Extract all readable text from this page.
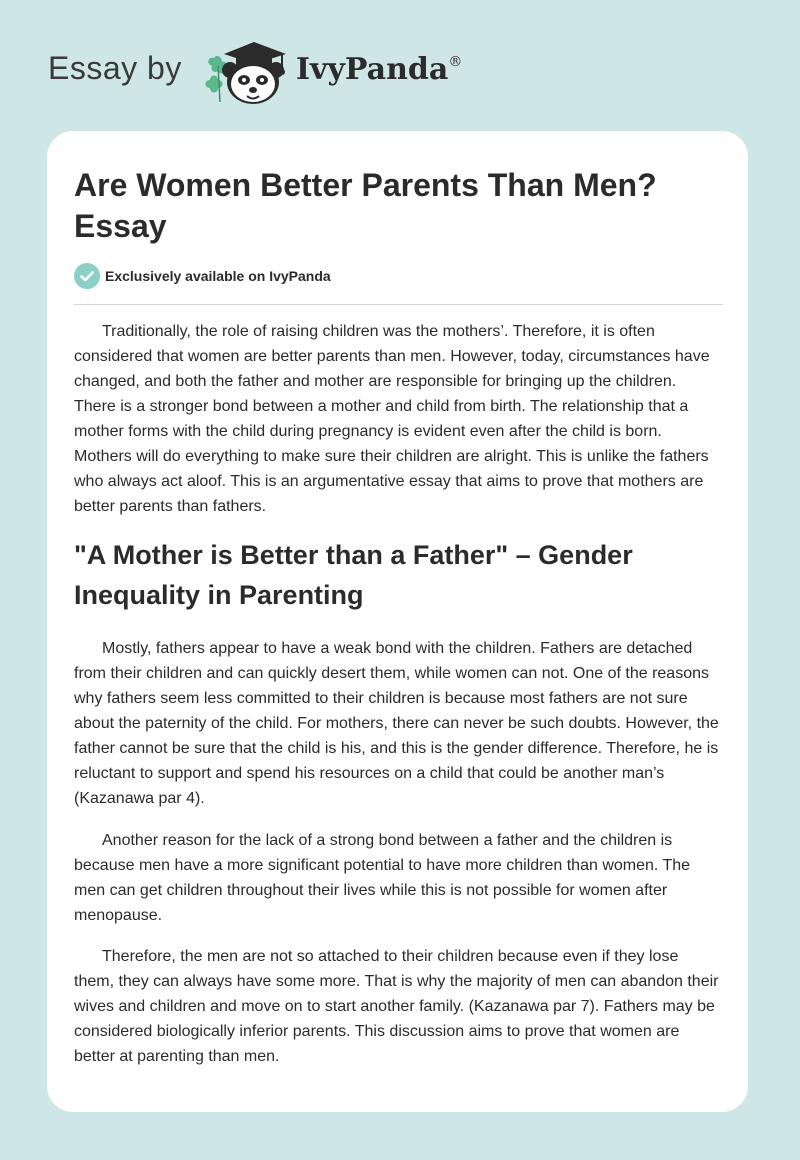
Essay by	IvyPanda®
Are Women Better Parents Than Men? Essay
Exclusively available on IvyPanda

Traditionally, the role of raising children was the mothers’. Therefore, it is often considered that women are better parents than men. However, today, circumstances have changed, and both the father and mother are responsible for bringing up the children. There is a stronger bond between a mother and child from birth. The relationship that a mother forms with the child during pregnancy is evident even after the child is born. Mothers will do everything to make sure their children are alright. This is unlike the fathers who always act aloof. This is an argumentative essay that aims to prove that mothers are better parents than fathers.

"A Mother is Better than a Father" – Gender Inequality in Parenting

Mostly, fathers appear to have a weak bond with the children. Fathers are detached from their children and can quickly desert them, while women can not. One of the reasons why fathers seem less committed to their children is because most fathers are not sure about the paternity of the child. For mothers, there can never be such doubts. However, the father cannot be sure that the child is his, and this is the gender difference. Therefore, he is reluctant to support and spend his resources on a child that could be another man’s (Kazanawa par 4).

Another reason for the lack of a strong bond between a father and the children is because men have a more significant potential to have more children than women. The men can get children throughout their lives while this is not possible for women after menopause.

Therefore, the men are not so attached to their children because even if they lose them, they can always have some more. That is why the majority of men can abandon their wives and children and move on to start another family. (Kazanawa par 7). Fathers may be considered biologically inferior parents. This discussion aims to prove that women are better at parenting than men.
